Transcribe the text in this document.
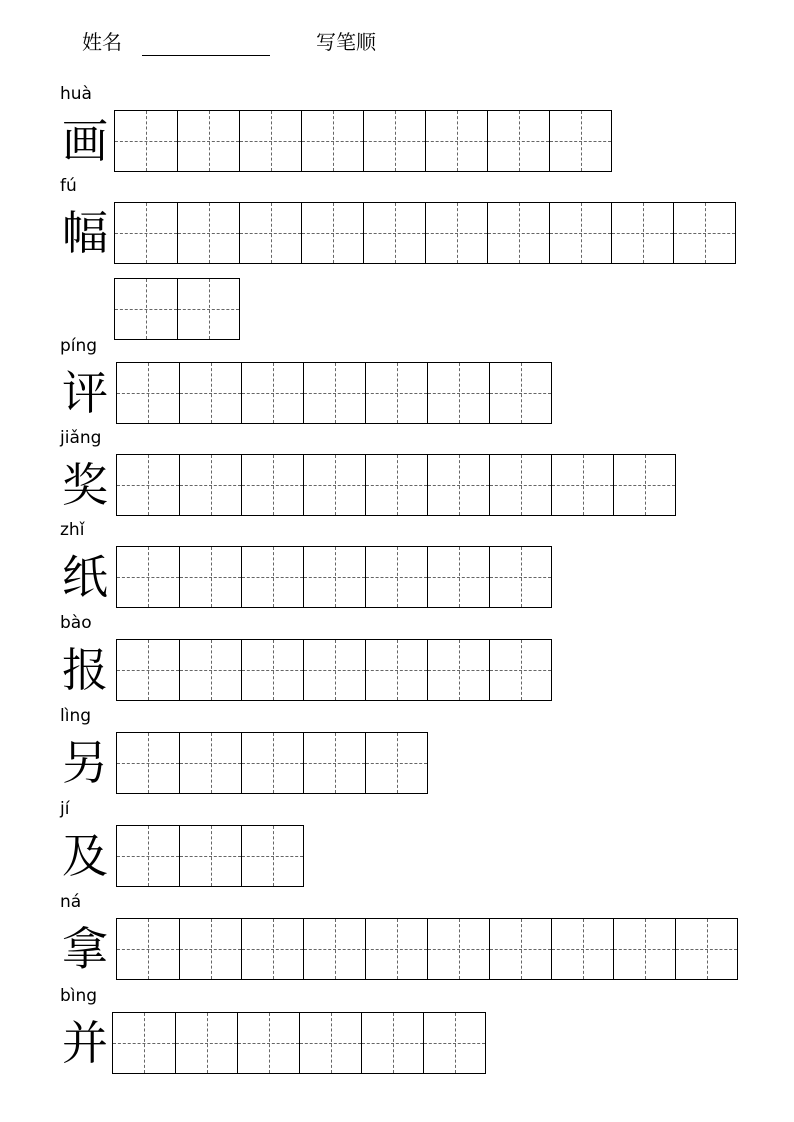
姓名	写笔顺
huà
画
fú
幅
píng
评
jiǎng
奖
zhǐ
纸
bào
报
lìng
另
jí
及
ná
拿
bìng
并
